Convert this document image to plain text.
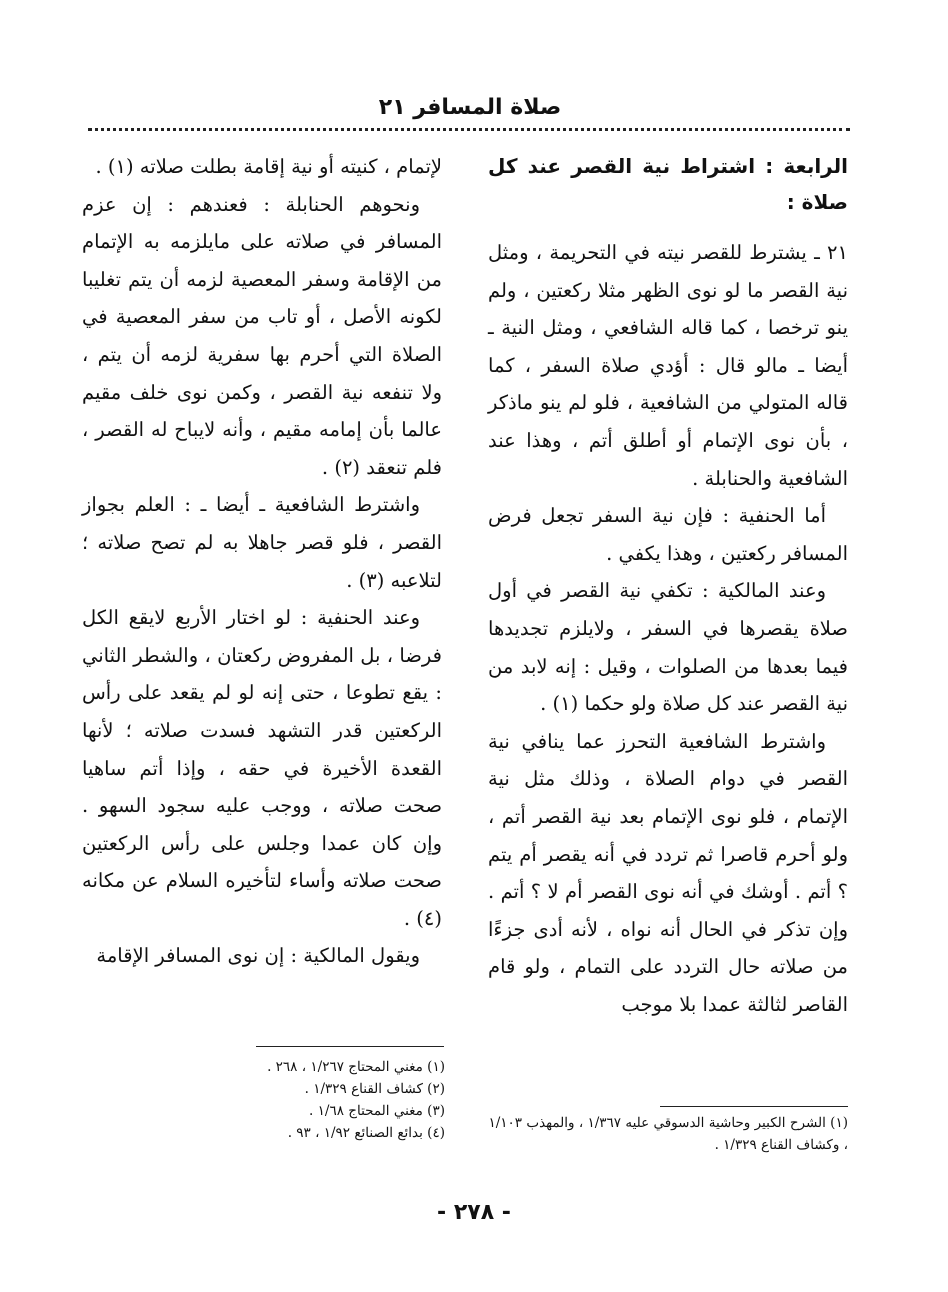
صلاة المسافر ٢١

الرابعة : اشتراط نية القصر عند كل صلاة :

٢١ ـ يشترط للقصر نيته في التحريمة ، ومثل نية القصر ما لو نوى الظهر مثلا ركعتين ، ولم ينو ترخصا ، كما قاله الشافعي ، ومثل النية ـ أيضا ـ مالو قال : أؤدي صلاة السفر ، كما قاله المتولي من الشافعية ، فلو لم ينو ماذكر ، بأن نوى الإتمام أو أطلق أتم ، وهذا عند الشافعية والحنابلة .

أما الحنفية : فإن نية السفر تجعل فرض المسافر ركعتين ، وهذا يكفي .

وعند المالكية : تكفي نية القصر في أول صلاة يقصرها في السفر ، ولايلزم تجديدها فيما بعدها من الصلوات ، وقيل : إنه لابد من نية القصر عند كل صلاة ولو حكما (١) .

واشترط الشافعية التحرز عما ينافي نية القصر في دوام الصلاة ، وذلك مثل نية الإتمام ، فلو نوى الإتمام بعد نية القصر أتم ، ولو أحرم قاصرا ثم تردد في أنه يقصر أم يتم ؟ أتم . أوشك في أنه نوى القصر أم لا ؟ أتم . وإن تذكر في الحال أنه نواه ، لأنه أدى جزءًا من صلاته حال التردد على التمام ، ولو قام القاصر لثالثة عمدا بلا موجب

(١) الشرح الكبير وحاشية الدسوقي عليه ١/٣٦٧ ، والمهذب ١/١٠٣ ، وكشاف القناع ١/٣٢٩ .

لإتمام ، كنيته أو نية إقامة بطلت صلاته (١) .

ونحوهم الحنابلة : فعندهم : إن عزم المسافر في صلاته على مايلزمه به الإتمام من الإقامة وسفر المعصية لزمه أن يتم تغليبا لكونه الأصل ، أو تاب من سفر المعصية في الصلاة التي أحرم بها سفرية لزمه أن يتم ، ولا تنفعه نية القصر ، وكمن نوى خلف مقيم عالما بأن إمامه مقيم ، وأنه لايباح له القصر ، فلم تنعقد (٢) .

واشترط الشافعية ـ أيضا ـ : العلم بجواز القصر ، فلو قصر جاهلا به لم تصح صلاته ؛ لتلاعبه (٣) .

وعند الحنفية : لو اختار الأربع لايقع الكل فرضا ، بل المفروض ركعتان ، والشطر الثاني : يقع تطوعا ، حتى إنه لو لم يقعد على رأس الركعتين قدر التشهد فسدت صلاته ؛ لأنها القعدة الأخيرة في حقه ، وإذا أتم ساهيا صحت صلاته ، ووجب عليه سجود السهو . وإن كان عمدا وجلس على رأس الركعتين صحت صلاته وأساء لتأخيره السلام عن مكانه (٤) .

ويقول المالكية : إن نوى المسافر الإقامة

(١) مغني المحتاج ١/٢٦٧ ، ٢٦٨ .
(٢) كشاف القناع ١/٣٢٩ .
(٣) مغني المحتاج ١/٦٨ .
(٤) بدائع الصنائع ١/٩٢ ، ٩٣ .
- ٢٧٨ -
